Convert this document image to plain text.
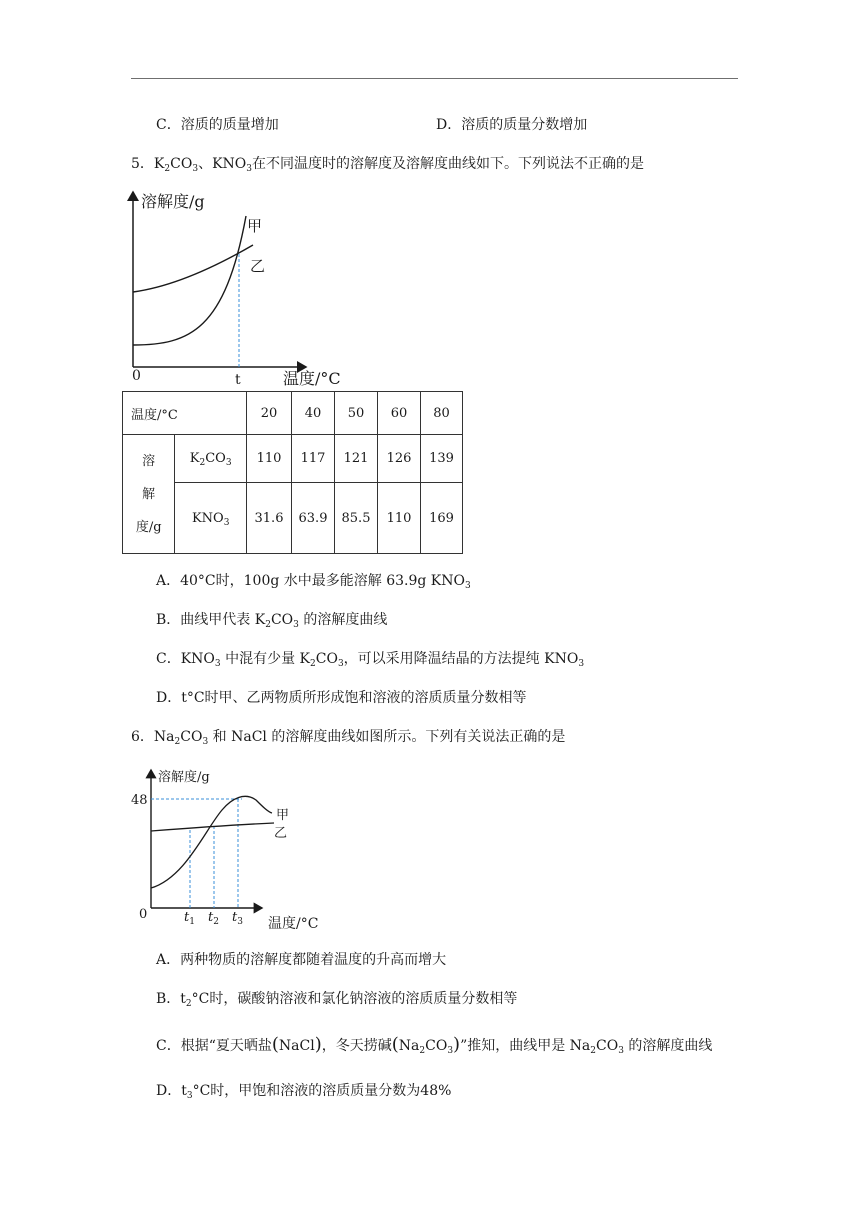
C．溶质的质量增加	D．溶质的质量分数增加
5．$K_2CO_3$、$KNO_3$在不同温度时的溶解度及溶解度曲线如下。下列说法不正确的是
溶解度/g
甲
乙
0	t	温度/°C
溶解度/g
48
甲
乙
0
温度/°C
$t_1$ $t_2$ $t_3$
温度/°C		20	40	50	60	80
溶
解
度/g	$K_2CO_3$	110	117	121	126	139
	$KNO_3$	31.6	63.9	85.5	110	169
A．40°C时，100g 水中最多能溶解 63.9g $KNO_3$
B．曲线甲代表 $K_2CO_3$ 的溶解度曲线
C．$KNO_3$ 中混有少量 $K_2CO_3$，可以采用降温结晶的方法提纯 $KNO_3$
D．t°C时甲、乙两物质所形成饱和溶液的溶质质量分数相等
6．$Na_2CO_3$ 和 NaCl 的溶解度曲线如图所示。下列有关说法正确的是
A．两种物质的溶解度都随着温度的升高而增大
B．$t_2^\circ C$时，碳酸钠溶液和氯化钠溶液的溶质质量分数相等
C．根据“夏天晒盐(NaCl)，冬天捞碱$(Na_2CO_3)$”推知，曲线甲是 $Na_2CO_3$ 的溶解度曲线
D．$t_3^\circ C$时，甲饱和溶液的溶质质量分数为48%
